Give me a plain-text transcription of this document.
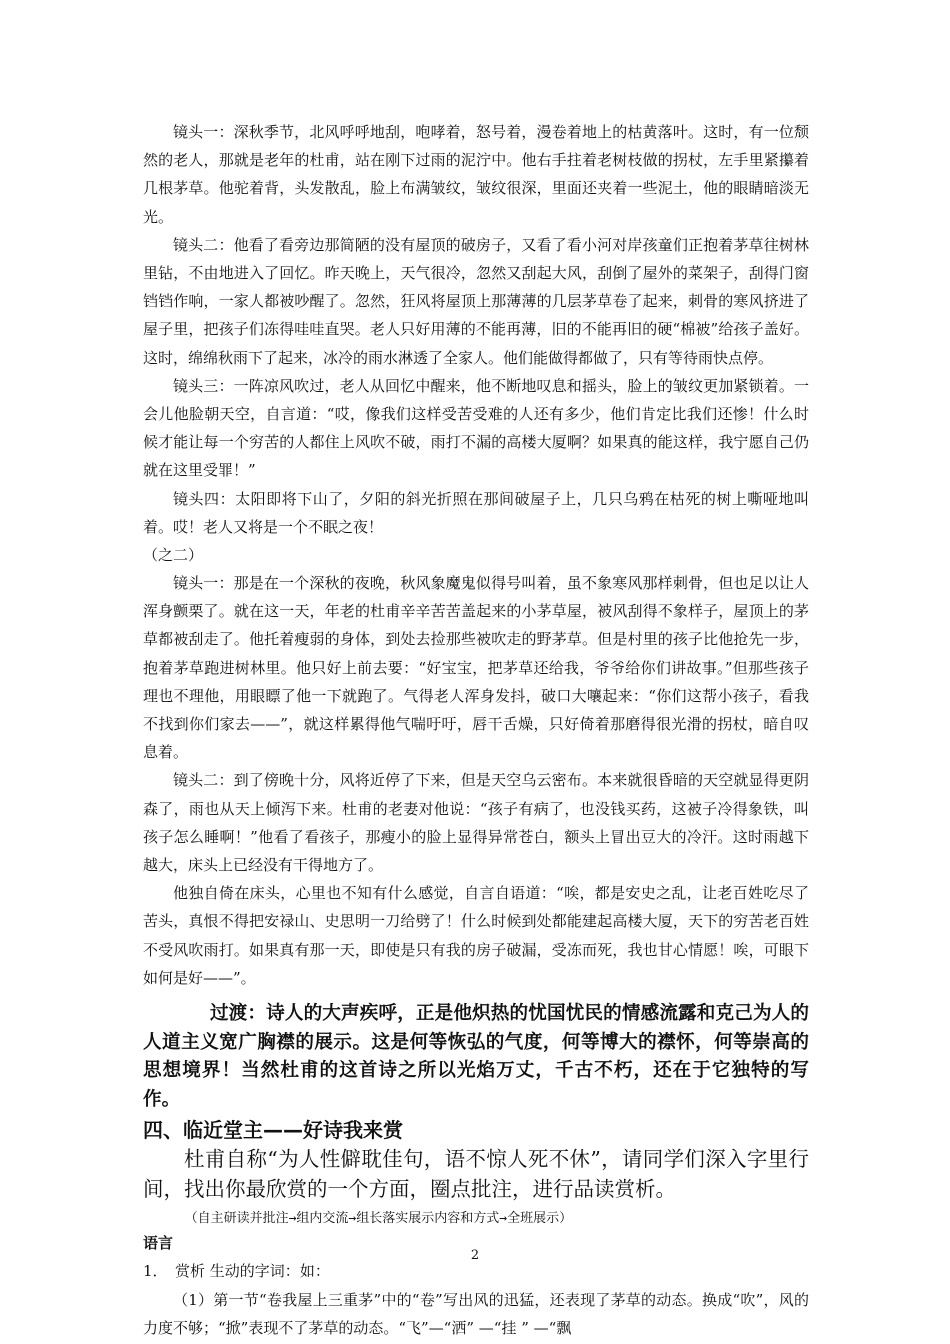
镜头一：深秋季节，北风呼呼地刮，咆哮着，怒号着，漫卷着地上的枯黄落叶。这时，有一位颓然的老人，那就是老年的杜甫，站在刚下过雨的泥泞中。他右手拄着老树枝做的拐杖，左手里紧攥着几根茅草。他驼着背，头发散乱，脸上布满皱纹，皱纹很深，里面还夹着一些泥土，他的眼睛暗淡无光。

镜头二：他看了看旁边那简陋的没有屋顶的破房子，又看了看小河对岸孩童们正抱着茅草往树林里钻，不由地进入了回忆。昨天晚上，天气很冷，忽然又刮起大风，刮倒了屋外的菜架子，刮得门窗铛铛作响，一家人都被吵醒了。忽然，狂风将屋顶上那薄薄的几层茅草卷了起来，刺骨的寒风挤进了屋子里，把孩子们冻得哇哇直哭。老人只好用薄的不能再薄，旧的不能再旧的硬“棉被”给孩子盖好。这时，绵绵秋雨下了起来，冰冷的雨水淋透了全家人。他们能做得都做了，只有等待雨快点停。

镜头三：一阵凉风吹过，老人从回忆中醒来，他不断地叹息和摇头，脸上的皱纹更加紧锁着。一会儿他脸朝天空，自言道：“哎，像我们这样受苦受难的人还有多少，他们肯定比我们还惨！什么时候才能让每一个穷苦的人都住上风吹不破，雨打不漏的高楼大厦啊？如果真的能这样，我宁愿自己仍就在这里受罪！”

镜头四：太阳即将下山了，夕阳的斜光折照在那间破屋子上，几只乌鸦在枯死的树上嘶哑地叫着。哎！老人又将是一个不眠之夜！

（之二）

镜头一：那是在一个深秋的夜晚，秋风象魔鬼似得号叫着，虽不象寒风那样刺骨，但也足以让人浑身颤栗了。就在这一天，年老的杜甫辛辛苦苦盖起来的小茅草屋，被风刮得不象样子，屋顶上的茅草都被刮走了。他托着瘦弱的身体，到处去捡那些被吹走的野茅草。但是村里的孩子比他抢先一步，抱着茅草跑进树林里。他只好上前去要：“好宝宝，把茅草还给我，爷爷给你们讲故事。”但那些孩子理也不理他，用眼瞟了他一下就跑了。气得老人浑身发抖，破口大嚷起来：“你们这帮小孩子，看我不找到你们家去——”，就这样累得他气喘吁吁，唇干舌燥，只好倚着那磨得很光滑的拐杖，暗自叹息着。

镜头二：到了傍晚十分，风将近停了下来，但是天空乌云密布。本来就很昏暗的天空就显得更阴森了，雨也从天上倾泻下来。杜甫的老妻对他说：“孩子有病了，也没钱买药，这被子冷得象铁，叫孩子怎么睡啊！”他看了看孩子，那瘦小的脸上显得异常苍白，额头上冒出豆大的冷汗。这时雨越下越大，床头上已经没有干得地方了。

他独自倚在床头，心里也不知有什么感觉，自言自语道：“唉，都是安史之乱，让老百姓吃尽了苦头，真恨不得把安禄山、史思明一刀给劈了！什么时候到处都能建起高楼大厦，天下的穷苦老百姓不受风吹雨打。如果真有那一天，即使是只有我的房子破漏，受冻而死，我也甘心情愿！唉，可眼下如何是好——”。

过渡：诗人的大声疾呼，正是他炽热的忧国忧民的情感流露和克己为人的人道主义宽广胸襟的展示。这是何等恢弘的气度，何等博大的襟怀，何等崇高的思想境界！当然杜甫的这首诗之所以光焰万丈，千古不朽，还在于它独特的写作。

四、临近堂主——好诗我来赏

杜甫自称“为人性僻耽佳句，语不惊人死不休”，请同学们深入字里行间，找出你最欣赏的一个方面，圈点批注，进行品读赏析。

（自主研读并批注→组内交流→组长落实展示内容和方式→全班展示）

语言

1．　赏析 生动的字词：如：

（1）第一节“卷我屋上三重茅”中的“卷”写出风的迅猛，还表现了茅草的动态。换成“吹”，风的力度不够；“掀”表现不了茅草的动态。“飞”—“洒” —“挂 ” —“飘

2
